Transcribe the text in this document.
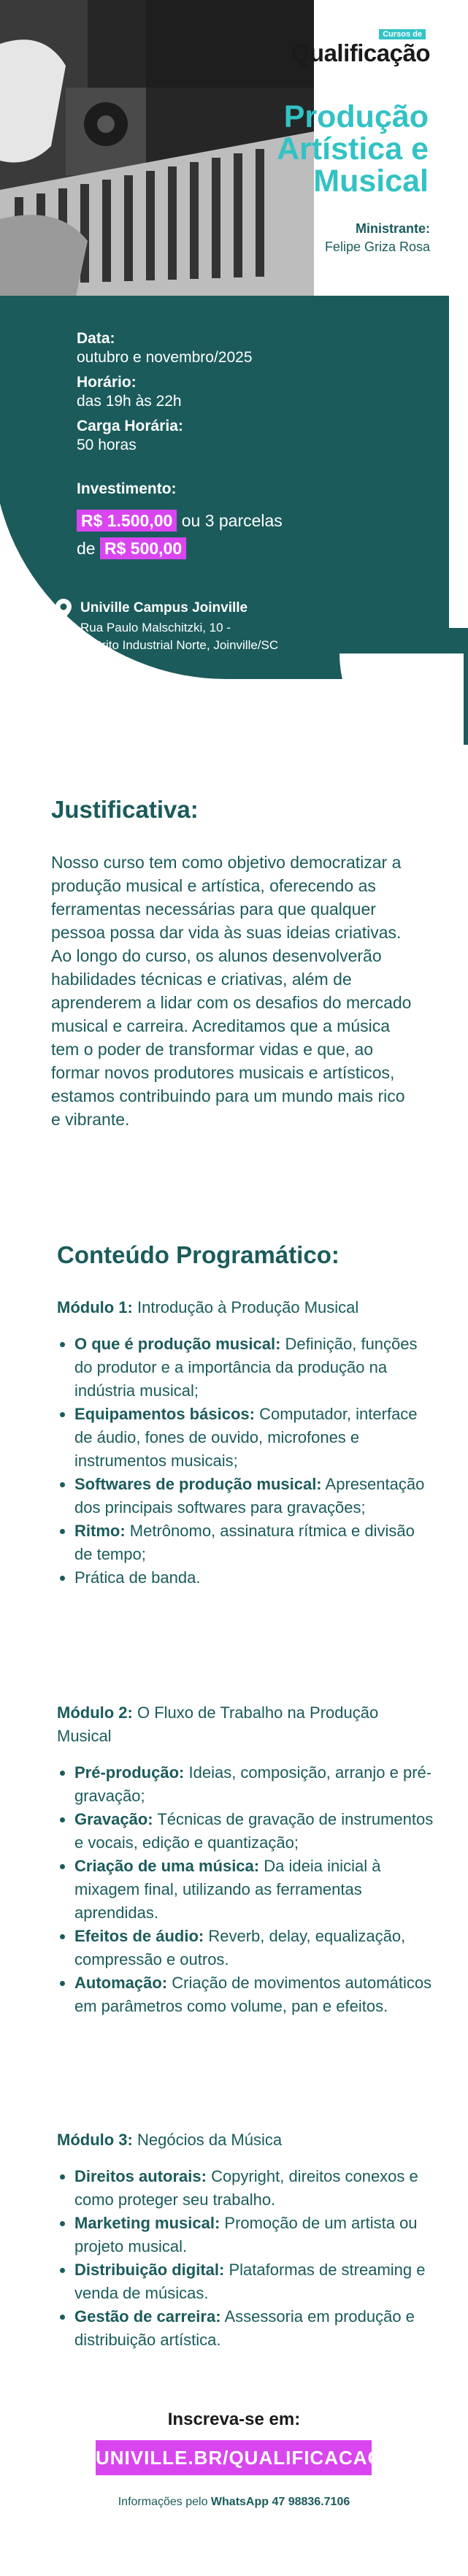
Cursos de
Qualificação
Produção
Artística e
Musical
Ministrante:
Felipe Griza Rosa
Data:
outubro e novembro/2025
Horário:
das 19h às 22h
Carga Horária:
50 horas
Investimento:
R$ 1.500,00 ou 3 parcelas
de R$ 500,00
Univille Campus Joinville
Rua Paulo Malschitzki, 10 -
Distrito Industrial Norte, Joinville/SC
Justificativa:
Nosso curso tem como objetivo democratizar a produção musical e artística, oferecendo as ferramentas necessárias para que qualquer pessoa possa dar vida às suas ideias criativas. Ao longo do curso, os alunos desenvolverão habilidades técnicas e criativas, além de aprenderem a lidar com os desafios do mercado musical e carreira. Acreditamos que a música tem o poder de transformar vidas e que, ao formar novos produtores musicais e artísticos, estamos contribuindo para um mundo mais rico e vibrante.
Conteúdo Programático:
Módulo 1: Introdução à Produção Musical
• O que é produção musical: Definição, funções do produtor e a importância da produção na indústria musical;
• Equipamentos básicos: Computador, interface de áudio, fones de ouvido, microfones e instrumentos musicais;
• Softwares de produção musical: Apresentação dos principais softwares para gravações;
• Ritmo: Metrônomo, assinatura rítmica e divisão de tempo;
• Prática de banda.
Módulo 2: O Fluxo de Trabalho na Produção Musical
• Pré-produção: Ideias, composição, arranjo e pré-gravação;
• Gravação: Técnicas de gravação de instrumentos e vocais, edição e quantização;
• Criação de uma música: Da ideia inicial à mixagem final, utilizando as ferramentas aprendidas.
• Efeitos de áudio: Reverb, delay, equalização, compressão e outros.
• Automação: Criação de movimentos automáticos em parâmetros como volume, pan e efeitos.
Módulo 3: Negócios da Música
• Direitos autorais: Copyright, direitos conexos e como proteger seu trabalho.
• Marketing musical: Promoção de um artista ou projeto musical.
• Distribuição digital: Plataformas de streaming e venda de músicas.
• Gestão de carreira: Assessoria em produção e distribuição artística.
Inscreva-se em:
UNIVILLE.BR/QUALIFICACAO
Informações pelo WhatsApp 47 98836.7106
